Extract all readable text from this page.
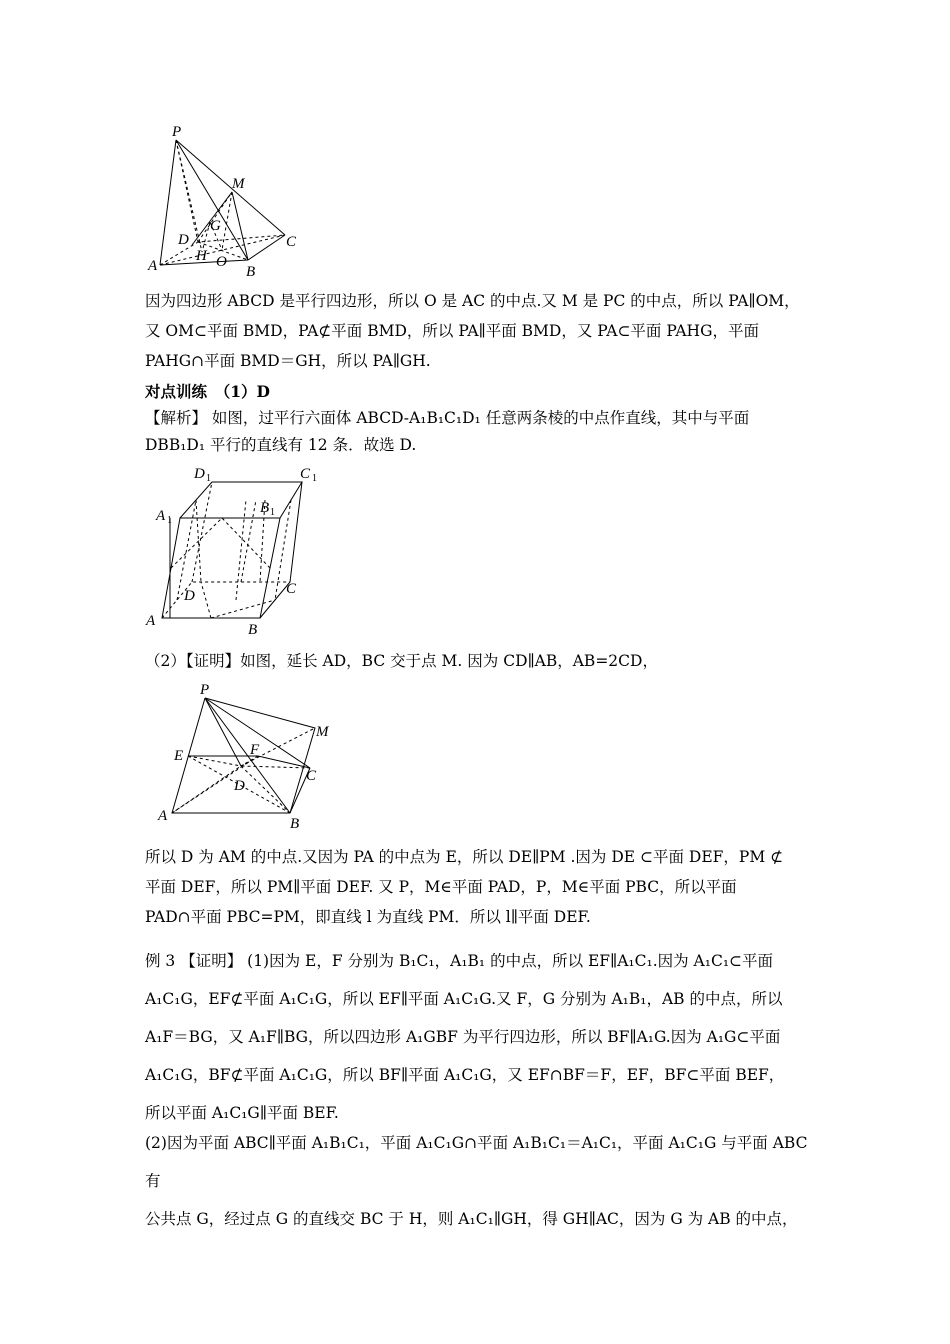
P
M
G
D	C
A
H O
B
因为四边形 ABCD 是平行四边形，所以 O 是 AC 的中点.又 M 是 PC 的中点，所以 PA∥OM，
又 OM⊂平面 BMD，PA⊄平面 BMD，所以 PA∥平面 BMD，又 PA⊂平面 PAHG，平面
PAHG∩平面 BMD＝GH，所以 PA∥GH.
对点训练　（1）D
【解析】 如图，过平行六面体 ABCD-A₁B₁C₁D₁ 任意两条棱的中点作直线，其中与平面
DBB₁D₁ 平行的直线有 12 条．故选 D.
D 1	C 1
A 1
B 1
D	C
A
B
（2）【证明】如图，延长 AD，BC 交于点 M. 因为 CD∥AB，AB=2CD，
P
M
E	F
C
D
A	B
所以 D 为 AM 的中点.又因为 PA 的中点为 E，所以 DE∥PM .因为 DE ⊂平面 DEF，PM ⊄
平面 DEF，所以 PM∥平面 DEF. 又 P，M∈平面 PAD，P，M∈平面 PBC，所以平面
PAD∩平面 PBC=PM，即直线 l 为直线 PM．所以 l∥平面 DEF.
例 3 【证明】 (1)因为 E，F 分别为 B₁C₁，A₁B₁ 的中点，所以 EF∥A₁C₁.因为 A₁C₁⊂平面
A₁C₁G，EF⊄平面 A₁C₁G，所以 EF∥平面 A₁C₁G.又 F，G 分别为 A₁B₁，AB 的中点，所以
A₁F＝BG，又 A₁F∥BG，所以四边形 A₁GBF 为平行四边形，所以 BF∥A₁G.因为 A₁G⊂平面
A₁C₁G，BF⊄平面 A₁C₁G，所以 BF∥平面 A₁C₁G，又 EF∩BF＝F，EF，BF⊂平面 BEF，
所以平面 A₁C₁G∥平面 BEF.
(2)因为平面 ABC∥平面 A₁B₁C₁，平面 A₁C₁G∩平面 A₁B₁C₁＝A₁C₁，平面 A₁C₁G 与平面 ABC 有
公共点 G，经过点 G 的直线交 BC 于 H，则 A₁C₁∥GH，得 GH∥AC，因为 G 为 AB 的中点，
